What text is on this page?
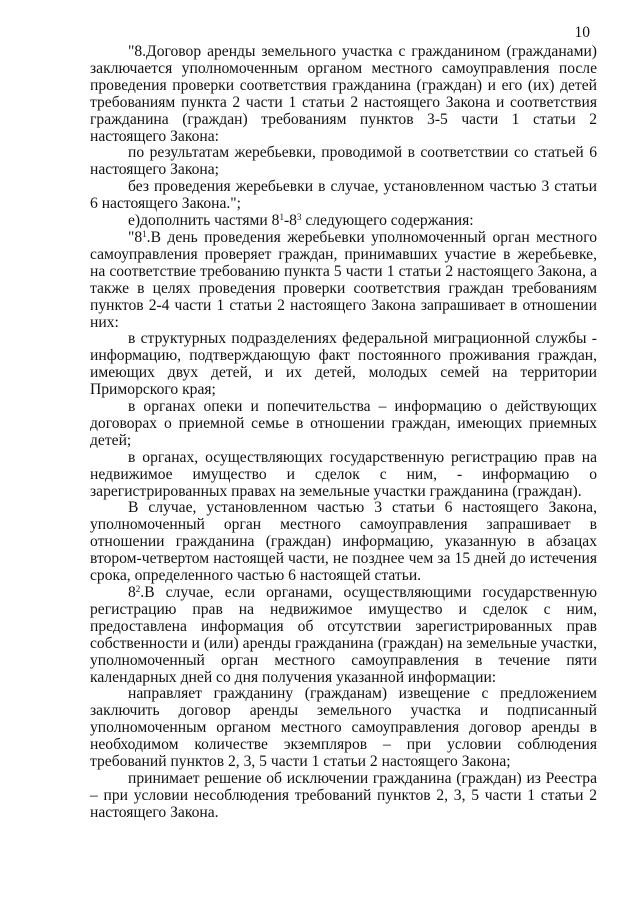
10

"8.Договор аренды земельного участка с гражданином (гражданами) заключается уполномоченным органом местного самоуправления после проведения проверки соответствия гражданина (граждан) и его (их) детей требованиям пункта 2 части 1 статьи 2 настоящего Закона и соответствия гражданина (граждан) требованиям пунктов 3-5 части 1 статьи 2 настоящего Закона:

по результатам жеребьевки, проводимой в соответствии со статьей 6 настоящего Закона;

без проведения жеребьевки в случае, установленном частью 3 статьи 6 настоящего Закона.";

е)дополнить частями $8^1-8^3$ следующего содержания:

"$8^1.В$ день проведения жеребьевки уполномоченный орган местного самоуправления проверяет граждан, принимавших участие в жеребьевке, на соответствие требованию пункта 5 части 1 статьи 2 настоящего Закона, а также в целях проведения проверки соответствия граждан требованиям пунктов 2-4 части 1 статьи 2 настоящего Закона запрашивает в отношении них:

в структурных подразделениях федеральной миграционной службы - информацию, подтверждающую факт постоянного проживания граждан, имеющих двух детей, и их детей, молодых семей на территории Приморского края;

в органах опеки и попечительства – информацию о действующих договорах о приемной семье в отношении граждан, имеющих приемных детей;

в органах, осуществляющих государственную регистрацию прав на недвижимое имущество и сделок с ним, - информацию о зарегистрированных правах на земельные участки гражданина (граждан).

В случае, установленном частью 3 статьи 6 настоящего Закона, уполномоченный орган местного самоуправления запрашивает в отношении гражданина (граждан) информацию, указанную в абзацах втором-четвертом настоящей части, не позднее чем за 15 дней до истечения срока, определенного частью 6 настоящей статьи.

$8^2.В$ случае, если органами, осуществляющими государственную регистрацию прав на недвижимое имущество и сделок с ним, предоставлена информация об отсутствии зарегистрированных прав собственности и (или) аренды гражданина (граждан) на земельные участки, уполномоченный орган местного самоуправления в течение пяти календарных дней со дня получения указанной информации:

направляет гражданину (гражданам) извещение с предложением заключить договор аренды земельного участка и подписанный уполномоченным органом местного самоуправления договор аренды в необходимом количестве экземпляров – при условии соблюдения требований пунктов 2, 3, 5 части 1 статьи 2 настоящего Закона;

принимает решение об исключении гражданина (граждан) из Реестра – при условии несоблюдения требований пунктов 2, 3, 5 части 1 статьи 2 настоящего Закона.
